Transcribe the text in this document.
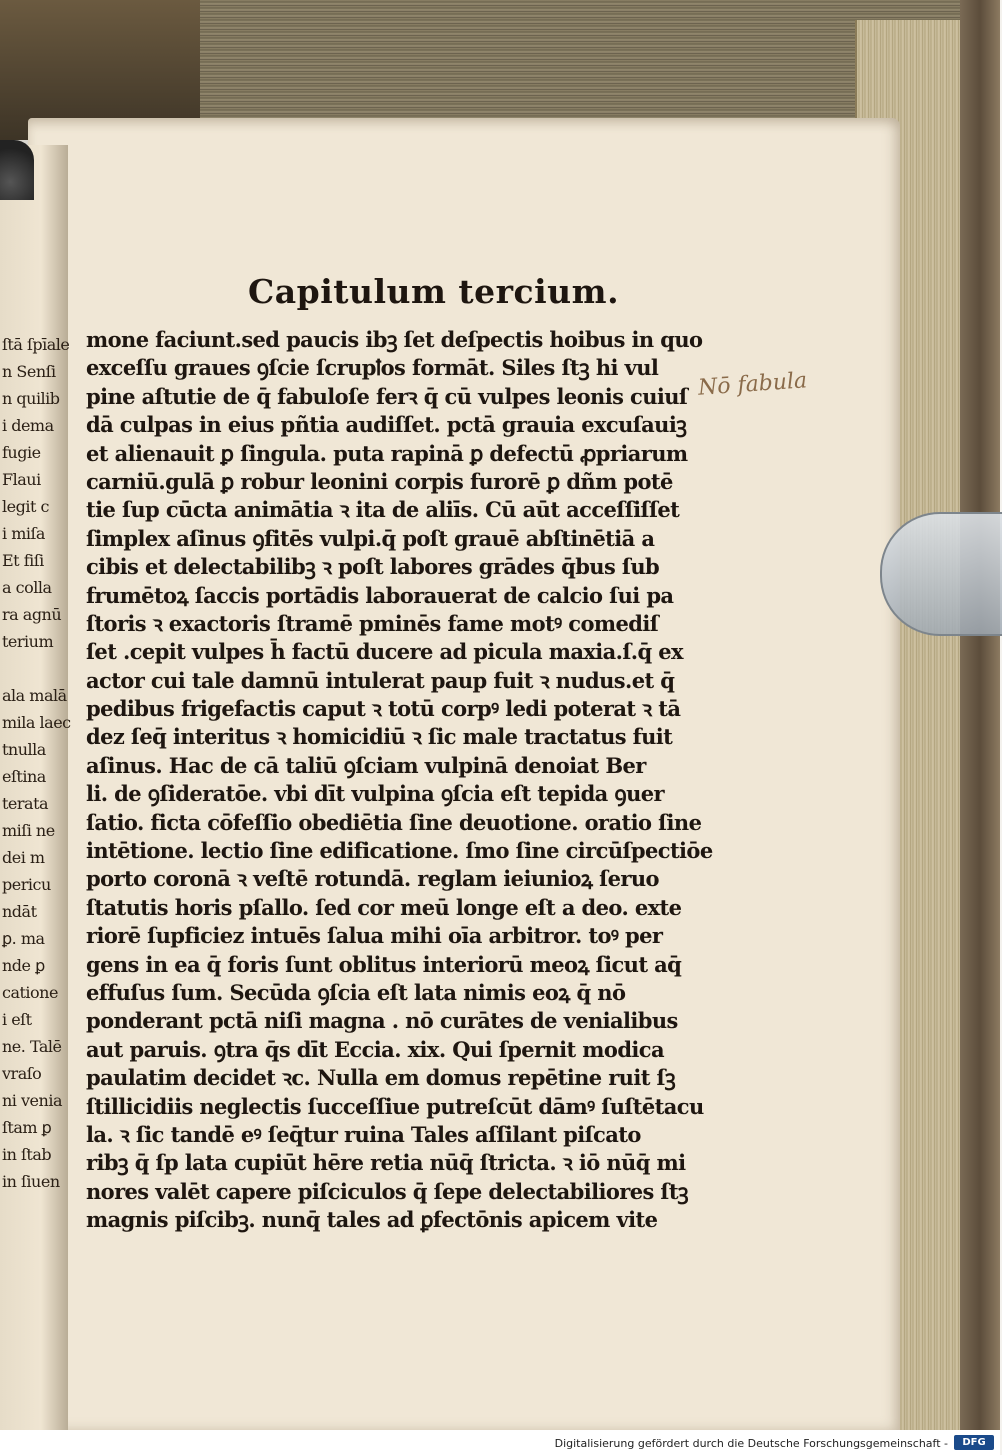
ſtā ſpīale
n Senſi
n quilib
i dema
fugie
Flaui
legit c
i miſa
Et fiſi
a colla
ra agnū
terium
ala malā
mila laec
tnulla
eſtina
terata
miſi ne
dei m
pericu
ndāt
ꝑ. ma
nde ꝑ
catione
i eſt
ne. Talē
vraſo
ni venia
ſtam ꝑ
in ſtab
in ſiuen
Capitulum tercium.
Nō fabula
mone faciunt.sed paucis ibꝫ ſet deſpectis hoibus in quo
exceſſu graues ꝯſcie ſcrupꝉos formāt. Siles ſtꝫ hi vul
pine aſtutie de q̄ fabuloſe ferꝛ q̄ cū vulpes leonis cuiuſ
dā culpas in eius pñtia audiſſet. pctā grauia excuſauiꝫ
et alienauit ꝑ ſingula. puta rapinā ꝑ defectū ꝓpriarum
carniū.gulā ꝑ robur leonini corpis furorē ꝑ dñm potē
tie ſup cūcta animātia ꝛ ita de aliīs. Cū aūt acceſſiſſet
ſimplex aſinus ꝯfitēs vulpi.q̄ poſt grauē abſtinētiā a
cibis et delectabilibꝫ ꝛ poſt labores grādes q̄bus ſub
frumētoꝝ ſaccis portādis laborauerat de calcio ſui pa
ſtoris ꝛ exactoris ſtramē pminēs fame motꝰ comediſ
ſet .cepit vulpes h̄ factū ducere ad picula maxia.ſ.q̄ ex
actor cui tale damnū intulerat paup fuit ꝛ nudus.et q̄
pedibus frigefactis caput ꝛ totū corpꝰ ledi poterat ꝛ tā
dez ſeq̄ interitus ꝛ homicidiū ꝛ ſic male tractatus fuit
aſinus. Hac de cā taliū ꝯſciam vulpinā denoiat Ber
li. de ꝯſideratōe. vbi dīt vulpina ꝯſcia eſt tepida ꝯuer
ſatio. ficta cōfeſſio obediētia ſine deuotione. oratio ſine
intētione. lectio ſine edificatione. ſmo ſine circūſpectiōe
porto coronā ꝛ veſtē rotundā. reglam ieiunioꝝ ſeruo
ſtatutis horis pſallo. ſed cor meū longe eſt a deo. exte
riorē ſupficiez intuēs ſalua mihi oīa arbitror. toꝰ per
gens in ea q̄ foris ſunt oblitus interiorū meoꝝ ſicut aq̄
effuſus ſum. Secūda ꝯſcia eſt lata nimis eoꝝ q̄ nō
ponderant pctā niſi magna . nō curātes de venialibus
aut paruis. ꝯtra q̄s dīt Eccia. xix. Qui ſpernit modica
paulatim decidet ꝛc. Nulla em domus repētine ruit ſꝫ
ſtillicidiis neglectis ſucceſſiue putreſcūt dāmꝰ ſuſtētacu
la. ꝛ ſic tandē eꝰ ſeq̄tur ruina Tales aſſilant piſcato
ribꝫ q̄ ſp lata cupiūt hēre retia nūq̄ ſtricta. ꝛ iō nūq̄ mi
nores valēt capere piſciculos q̄ ſepe delectabiliores ſtꝫ
magnis piſcibꝫ. nunq̄ tales ad ꝑfectōnis apicem vite
Digitalisierung gefördert durch die Deutsche Forschungsgemeinschaft -	DFG
